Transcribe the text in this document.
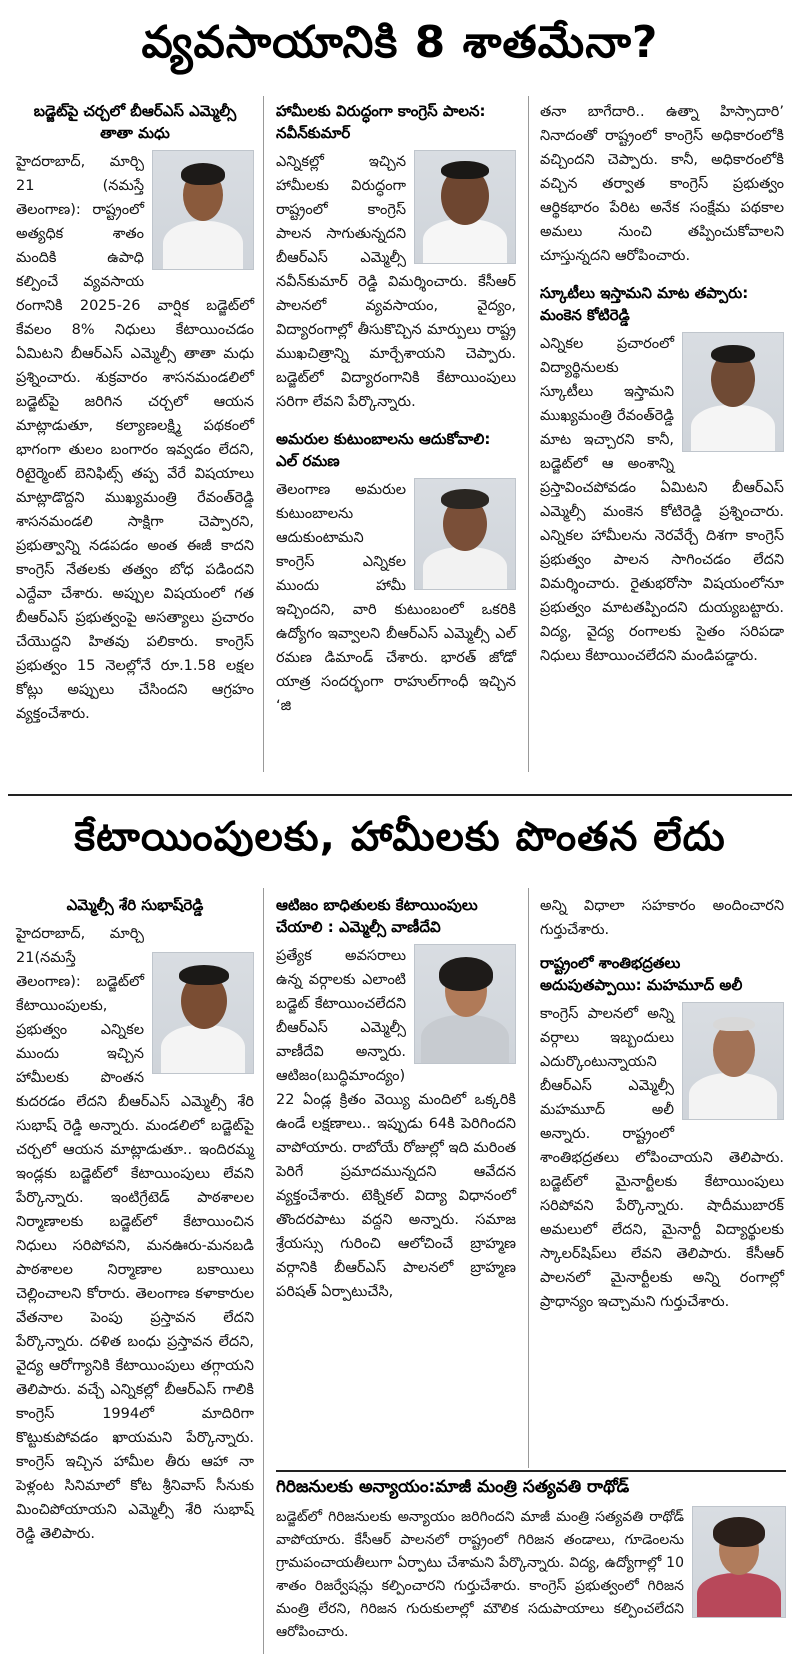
వ్యవసాయానికి 8 శాతమేనా?
బడ్జెట్‌పై చర్చలో బీఆర్‌ఎస్ ఎమ్మెల్సీ తాతా మధు
హైదరాబాద్, మార్చి 21 (నమస్తే తెలంగాణ): రాష్ట్రంలో అత్యధిక శాతం మందికి ఉపాధి కల్పించే వ్యవసాయ రంగానికి 2025-26 వార్షిక బడ్జెట్‌లో కేవలం 8% నిధులు కేటాయించడం ఏమిటని బీఆర్‌ఎస్ ఎమ్మెల్సీ తాతా మధు ప్రశ్నించారు. శుక్రవారం శాసనమండలిలో బడ్జెట్‌పై జరిగిన చర్చలో ఆయన మాట్లాడుతూ, కల్యాణలక్ష్మి పథకంలో భాగంగా తులం బంగారం ఇవ్వడం లేదని, రిటైర్మెంట్ బెనిఫిట్స్ తప్ప వేరే విషయాలు మాట్లాడొద్దని ముఖ్యమంత్రి రేవంత్‌రెడ్డి శాసనమండలి సాక్షిగా చెప్పారని, ప్రభుత్వాన్ని నడపడం అంత ఈజీ కాదని కాంగ్రెస్ నేతలకు తత్వం బోధ పడిందని ఎద్దేవా చేశారు. అప్పుల విషయంలో గత బీఆర్‌ఎస్ ప్రభుత్వంపై అసత్యాలు ప్రచారం చేయొద్దని హితవు పలికారు. కాంగ్రెస్ ప్రభుత్వం 15 నెలల్లోనే రూ.1.58 లక్షల కోట్లు అప్పులు చేసిందని ఆగ్రహం వ్యక్తంచేశారు.
హామీలకు విరుద్ధంగా కాంగ్రెస్ పాలన: నవీన్‌కుమార్
ఎన్నికల్లో ఇచ్చిన హామీలకు విరుద్ధంగా రాష్ట్రంలో కాంగ్రెస్ పాలన సాగుతున్నదని బీఆర్‌ఎస్ ఎమ్మెల్సీ నవీన్‌కుమార్ రెడ్డి విమర్శించారు. కేసీఆర్ పాలనలో వ్యవసాయం, వైద్యం, విద్యారంగాల్లో తీసుకొచ్చిన మార్పులు రాష్ట్ర ముఖచిత్రాన్ని మార్చేశాయని చెప్పారు. బడ్జెట్‌లో విద్యారంగానికి కేటాయింపులు సరిగా లేవని పేర్కొన్నారు.
అమరుల కుటుంబాలను ఆదుకోవాలి: ఎల్ రమణ
తెలంగాణ అమరుల కుటుంబాలను ఆదుకుంటామని కాంగ్రెస్ ఎన్నికల ముందు హామీ ఇచ్చిందని, వారి కుటుంబంలో ఒకరికి ఉద్యోగం ఇవ్వాలని బీఆర్‌ఎస్ ఎమ్మెల్సీ ఎల్ రమణ డిమాండ్ చేశారు. భారత్ జోడో యాత్ర సందర్భంగా రాహుల్‌గాంధీ ఇచ్చిన ‘జి
తనా బాగేదారి.. ఉత్నా హిస్సాదారి’ నినాదంతో రాష్ట్రంలో కాంగ్రెస్ అధికారంలోకి వచ్చిందని చెప్పారు. కానీ, అధికారంలోకి వచ్చిన తర్వాత కాంగ్రెస్ ప్రభుత్వం ఆర్థికభారం పేరిట అనేక సంక్షేమ పథకాల అమలు నుంచి తప్పించుకోవాలని చూస్తున్నదని ఆరోపించారు.
స్కూటీలు ఇస్తామని మాట తప్పారు: మంకెన కోటిరెడ్డి
ఎన్నికల ప్రచారంలో విద్యార్థినులకు స్కూటీలు ఇస్తామని ముఖ్యమంత్రి రేవంత్‌రెడ్డి మాట ఇచ్చారని కానీ, బడ్జెట్‌లో ఆ అంశాన్ని ప్రస్తావించపోవడం ఏమిటని బీఆర్‌ఎస్ ఎమ్మెల్సీ మంకెన కోటిరెడ్డి ప్రశ్నించారు. ఎన్నికల హామీలను నెరవేర్చే దిశగా కాంగ్రెస్ ప్రభుత్వం పాలన సాగించడం లేదని విమర్శించారు. రైతుభరోసా విషయంలోనూ ప్రభుత్వం మాటతప్పిందని దుయ్యబట్టారు. విద్య, వైద్య రంగాలకు సైతం సరిపడా నిధులు కేటాయించలేదని మండిపడ్డారు.
కేటాయింపులకు, హామీలకు పొంతన లేదు
ఎమ్మెల్సీ శేరి సుభాష్‌రెడ్డి
హైదరాబాద్, మార్చి 21(నమస్తే తెలంగాణ): బడ్జెట్‌లో కేటాయింపులకు, ప్రభుత్వం ఎన్నికల ముందు ఇచ్చిన హామీలకు పొంతన కుదరడం లేదని బీఆర్‌ఎస్ ఎమ్మెల్సీ శేరి సుభాష్ రెడ్డి అన్నారు. మండలిలో బడ్జెట్‌పై చర్చలో ఆయన మాట్లాడుతూ.. ఇందిరమ్మ ఇండ్లకు బడ్జెట్‌లో కేటాయింపులు లేవని పేర్కొన్నారు. ఇంటిగ్రేటెడ్ పాఠశాలల నిర్మాణాలకు బడ్జెట్‌లో కేటాయించిన నిధులు సరిపోవని, మనఊరు-మనబడి పాఠశాలల నిర్మాణాల బకాయిలు చెల్లించాలని కోరారు. తెలంగాణ కళాకారుల వేతనాల పెంపు ప్రస్తావన లేదని పేర్కొన్నారు. దళిత బంధు ప్రస్తావన లేదని, వైద్య ఆరోగ్యానికి కేటాయింపులు తగ్గాయని తెలిపారు. వచ్చే ఎన్నికల్లో బీఆర్‌ఎస్ గాలికి కాంగ్రెస్ 1994లో మాదిరిగా కొట్టుకుపోవడం ఖాయమని పేర్కొన్నారు. కాంగ్రెస్ ఇచ్చిన హామీల తీరు ఆహా నా పెళ్లంట సినిమాలో కోట శ్రీనివాస్ సీనుకు మించిపోయాయని ఎమ్మెల్సీ శేరి సుభాష్ రెడ్డి తెలిపారు.
ఆటిజం బాధితులకు కేటాయింపులు చేయాలి : ఎమ్మెల్సీ వాణీదేవి
ప్రత్యేక అవసరాలు ఉన్న వర్గాలకు ఎలాంటి బడ్జెట్ కేటాయించలేదని బీఆర్‌ఎస్ ఎమ్మెల్సీ వాణీదేవి అన్నారు. ఆటిజం(బుద్ధిమాంద్యం) 22 ఏండ్ల క్రితం వెయ్యి మందిలో ఒక్కరికి ఉండే లక్షణాలు.. ఇప్పుడు 64కి పెరిగిందని వాపోయారు. రాబోయే రోజుల్లో ఇది మరింత పెరిగే ప్రమాదమున్నదని ఆవేదన వ్యక్తంచేశారు. టెక్నికల్ విద్యా విధానంలో తొందరపాటు వద్దని అన్నారు. సమాజ శ్రేయస్సు గురించి ఆలోచించే బ్రాహ్మణ వర్గానికి బీఆర్‌ఎస్ పాలనలో బ్రాహ్మణ పరిషత్ ఏర్పాటుచేసి,
అన్ని విధాలా సహకారం అందించారని గుర్తుచేశారు.
రాష్ట్రంలో శాంతిభద్రతలు అదుపుతప్పాయి: మహమూద్ అలీ
కాంగ్రెస్ పాలనలో అన్ని వర్గాలు ఇబ్బందులు ఎదుర్కొంటున్నాయని బీఆర్‌ఎస్ ఎమ్మెల్సీ మహమూద్ అలీ అన్నారు. రాష్ట్రంలో శాంతిభద్రతలు లోపించాయని తెలిపారు. బడ్జెట్‌లో మైనార్టీలకు కేటాయింపులు సరిపోవని పేర్కొన్నారు. షాదీముబారక్ అమలులో లేదని, మైనార్టీ విద్యార్థులకు స్కాలర్‌షిప్‌లు లేవని తెలిపారు. కేసీఆర్ పాలనలో మైనార్టీలకు అన్ని రంగాల్లో ప్రాధాన్యం ఇచ్చామని గుర్తుచేశారు.
గిరిజనులకు అన్యాయం:మాజీ మంత్రి సత్యవతి రాథోడ్
బడ్జెట్‌లో గిరిజనులకు అన్యాయం జరిగిందని మాజీ మంత్రి సత్యవతి రాథోడ్ వాపోయారు. కేసీఆర్ పాలనలో రాష్ట్రంలో గిరిజన తండాలు, గూడెంలను గ్రామపంచాయతీలుగా ఏర్పాటు చేశామని పేర్కొన్నారు. విద్య, ఉద్యోగాల్లో 10 శాతం రిజర్వేషన్లు కల్పించారని గుర్తుచేశారు. కాంగ్రెస్ ప్రభుత్వంలో గిరిజన మంత్రి లేరని, గిరిజన గురుకులాల్లో మౌలిక సదుపాయాలు కల్పించలేదని ఆరోపించారు.
